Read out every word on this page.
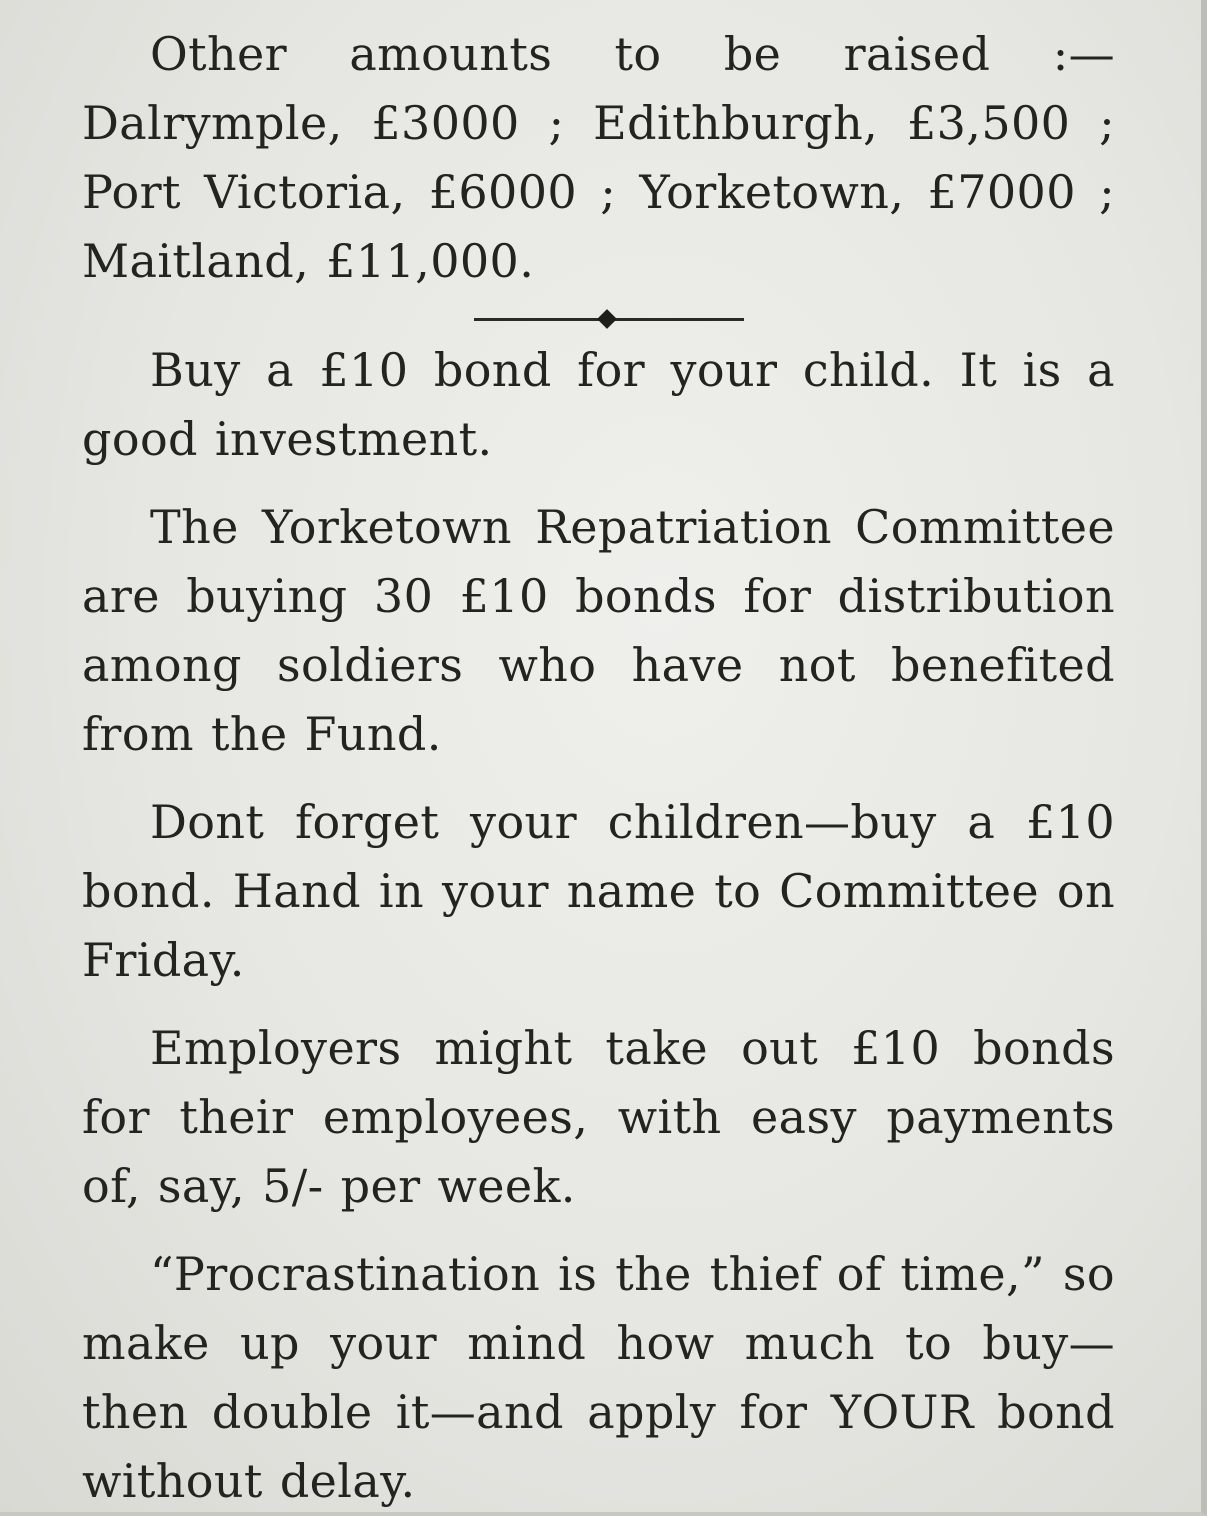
Other amounts to be raised :—Dalrymple, £3000 ; Edithburgh, £3,500 ; Port Victoria, £6000 ; Yorketown, £7000 ; Maitland, £11,000.

Buy a £10 bond for your child. It is a good investment.

The Yorketown Repatriation Committee are buying 30 £10 bonds for distribution among soldiers who have not benefited from the Fund.

Dont forget your children—buy a £10 bond. Hand in your name to Committee on Friday.

Employers might take out £10 bonds for their employees, with easy payments of, say, 5/- per week.

“Procrastination is the thief of time,” so make up your mind how much to buy—then double it—and apply for YOUR bond without delay.
